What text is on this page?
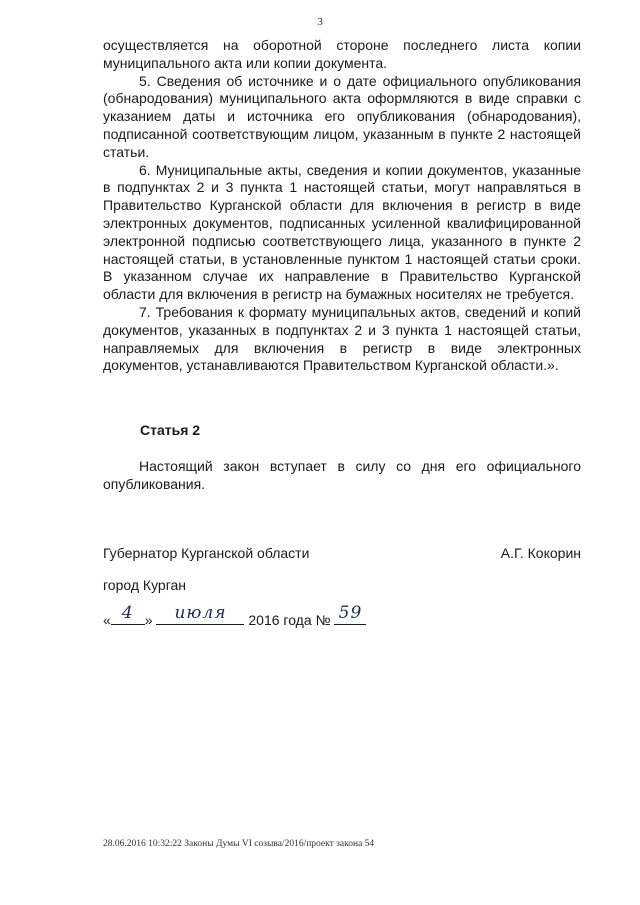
3

осуществляется на оборотной стороне последнего листа копии муниципального акта или копии документа.

5. Сведения об источнике и о дате официального опубликования (обнародования) муниципального акта оформляются в виде справки с указанием даты и источника его опубликования (обнародования), подписанной соответствующим лицом, указанным в пункте 2 настоящей статьи.

6. Муниципальные акты, сведения и копии документов, указанные в подпунктах 2 и 3 пункта 1 настоящей статьи, могут направляться в Правительство Курганской области для включения в регистр в виде электронных документов, подписанных усиленной квалифицированной электронной подписью соответствующего лица, указанного в пункте 2 настоящей статьи, в установленные пунктом 1 настоящей статьи сроки. В указанном случае их направление в Правительство Курганской области для включения в регистр на бумажных носителях не требуется.

7. Требования к формату муниципальных актов, сведений и копий документов, указанных в подпунктах 2 и 3 пункта 1 настоящей статьи, направляемых для включения в регистр в виде электронных документов, устанавливаются Правительством Курганской области.».

Статья 2
Настоящий закон вступает в силу со дня его официального опубликования.
Губернатор Курганской области	А.Г. Кокорин
город Курган
« 4 »	июля	2016 года № 59
28.06.2016 10:32:22 Законы Думы VI созыва/2016/проект закона 54
